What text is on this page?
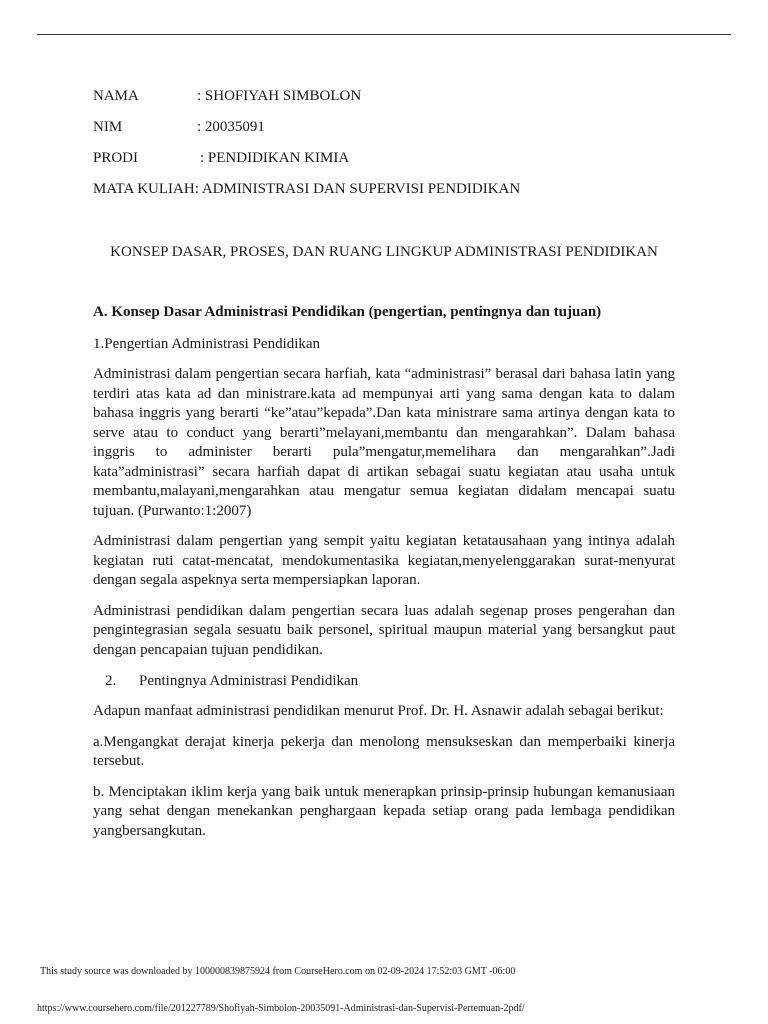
NAMA	: SHOFIYAH SIMBOLON
NIM	: 20035091
PRODI	: PENDIDIKAN KIMIA
MATA KULIAH: ADMINISTRASI DAN SUPERVISI PENDIDIKAN
KONSEP DASAR, PROSES, DAN RUANG LINGKUP ADMINISTRASI PENDIDIKAN
A. Konsep Dasar Administrasi Pendidikan (pengertian, pentingnya dan tujuan)
1.Pengertian Administrasi Pendidikan
Administrasi dalam pengertian secara harfiah, kata “administrasi” berasal dari bahasa latin yang terdiri atas kata ad dan ministrare.kata ad mempunyai arti yang sama dengan kata to dalam bahasa inggris yang berarti “ke”atau”kepada”.Dan kata ministrare sama artinya dengan kata to serve atau to conduct yang berarti”melayani,membantu dan mengarahkan”. Dalam bahasa inggris to administer berarti pula”mengatur,memelihara dan mengarahkan”.Jadi kata”administrasi” secara harfiah dapat di artikan sebagai suatu kegiatan atau usaha untuk membantu,malayani,mengarahkan atau mengatur semua kegiatan didalam mencapai suatu tujuan. (Purwanto:1:2007)
Administrasi dalam pengertian yang sempit yaitu kegiatan ketatausahaan yang intinya adalah kegiatan ruti catat-mencatat, mendokumentasika kegiatan,menyelenggarakan surat-menyurat dengan segala aspeknya serta mempersiapkan laporan.
Administrasi pendidikan dalam pengertian secara luas adalah segenap proses pengerahan dan pengintegrasian segala sesuatu baik personel, spiritual maupun material yang bersangkut paut dengan pencapaian tujuan pendidikan.
2. Pentingnya Administrasi Pendidikan
Adapun manfaat administrasi pendidikan menurut Prof. Dr. H. Asnawir adalah sebagai berikut:
a.Mengangkat derajat kinerja pekerja dan menolong mensukseskan dan memperbaiki kinerja tersebut.
b. Menciptakan iklim kerja yang baik untuk menerapkan prinsip-prinsip hubungan kemanusiaan yang sehat dengan menekankan penghargaan kepada setiap orang pada lembaga pendidikan yangbersangkutan.
This study source was downloaded by 100000839875924 from CourseHero.com on 02-09-2024 17:52:03 GMT -06:00
https://www.coursehero.com/file/201227789/Shofiyah-Simbolon-20035091-Administrasi-dan-Supervisi-Pertemuan-2pdf/
